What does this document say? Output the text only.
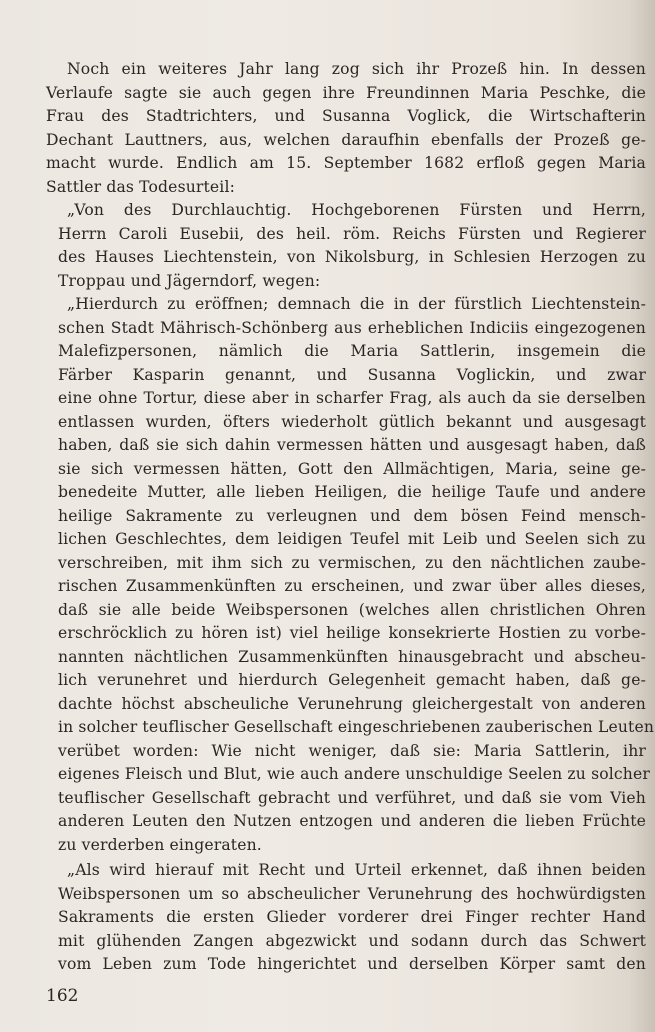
Noch ein weiteres Jahr lang zog sich ihr Prozeß hin. In dessen
Verlaufe sagte sie auch gegen ihre Freundinnen Maria Peschke, die
Frau des Stadtrichters, und Susanna Voglick, die Wirtschafterin
Dechant Lauttners, aus, welchen daraufhin ebenfalls der Prozeß ge-
macht wurde. Endlich am 15. September 1682 erfloß gegen Maria
Sattler das Todesurteil:
„Von des Durchlauchtig. Hochgeborenen Fürsten und Herrn,
Herrn Caroli Eusebii, des heil. röm. Reichs Fürsten und Regierer
des Hauses Liechtenstein, von Nikolsburg, in Schlesien Herzogen zu
Troppau und Jägerndorf, wegen:
„Hierdurch zu eröffnen; demnach die in der fürstlich Liechtenstein-
schen Stadt Mährisch-Schönberg aus erheblichen Indiciis eingezogenen
Malefizpersonen, nämlich die Maria Sattlerin, insgemein die
Färber Kasparin genannt, und Susanna Voglickin, und zwar
eine ohne Tortur, diese aber in scharfer Frag, als auch da sie derselben
entlassen wurden, öfters wiederholt gütlich bekannt und ausgesagt
haben, daß sie sich dahin vermessen hätten und ausgesagt haben, daß
sie sich vermessen hätten, Gott den Allmächtigen, Maria, seine ge-
benedeite Mutter, alle lieben Heiligen, die heilige Taufe und andere
heilige Sakramente zu verleugnen und dem bösen Feind mensch-
lichen Geschlechtes, dem leidigen Teufel mit Leib und Seelen sich zu
verschreiben, mit ihm sich zu vermischen, zu den nächtlichen zaube-
rischen Zusammenkünften zu erscheinen, und zwar über alles dieses,
daß sie alle beide Weibspersonen (welches allen christlichen Ohren
erschröcklich zu hören ist) viel heilige konsekrierte Hostien zu vorbe-
nannten nächtlichen Zusammenkünften hinausgebracht und abscheu-
lich verunehret und hierdurch Gelegenheit gemacht haben, daß ge-
dachte höchst abscheuliche Verunehrung gleichergestalt von anderen
in solcher teuflischer Gesellschaft eingeschriebenen zauberischen Leuten
verübet worden: Wie nicht weniger, daß sie: Maria Sattlerin, ihr
eigenes Fleisch und Blut, wie auch andere unschuldige Seelen zu solcher
teuflischer Gesellschaft gebracht und verführet, und daß sie vom Vieh
anderen Leuten den Nutzen entzogen und anderen die lieben Früchte
zu verderben eingeraten.
„Als wird hierauf mit Recht und Urteil erkennet, daß ihnen beiden
Weibspersonen um so abscheulicher Verunehrung des hochwürdigsten
Sakraments die ersten Glieder vorderer drei Finger rechter Hand
mit glühenden Zangen abgezwickt und sodann durch das Schwert
vom Leben zum Tode hingerichtet und derselben Körper samt den
162
